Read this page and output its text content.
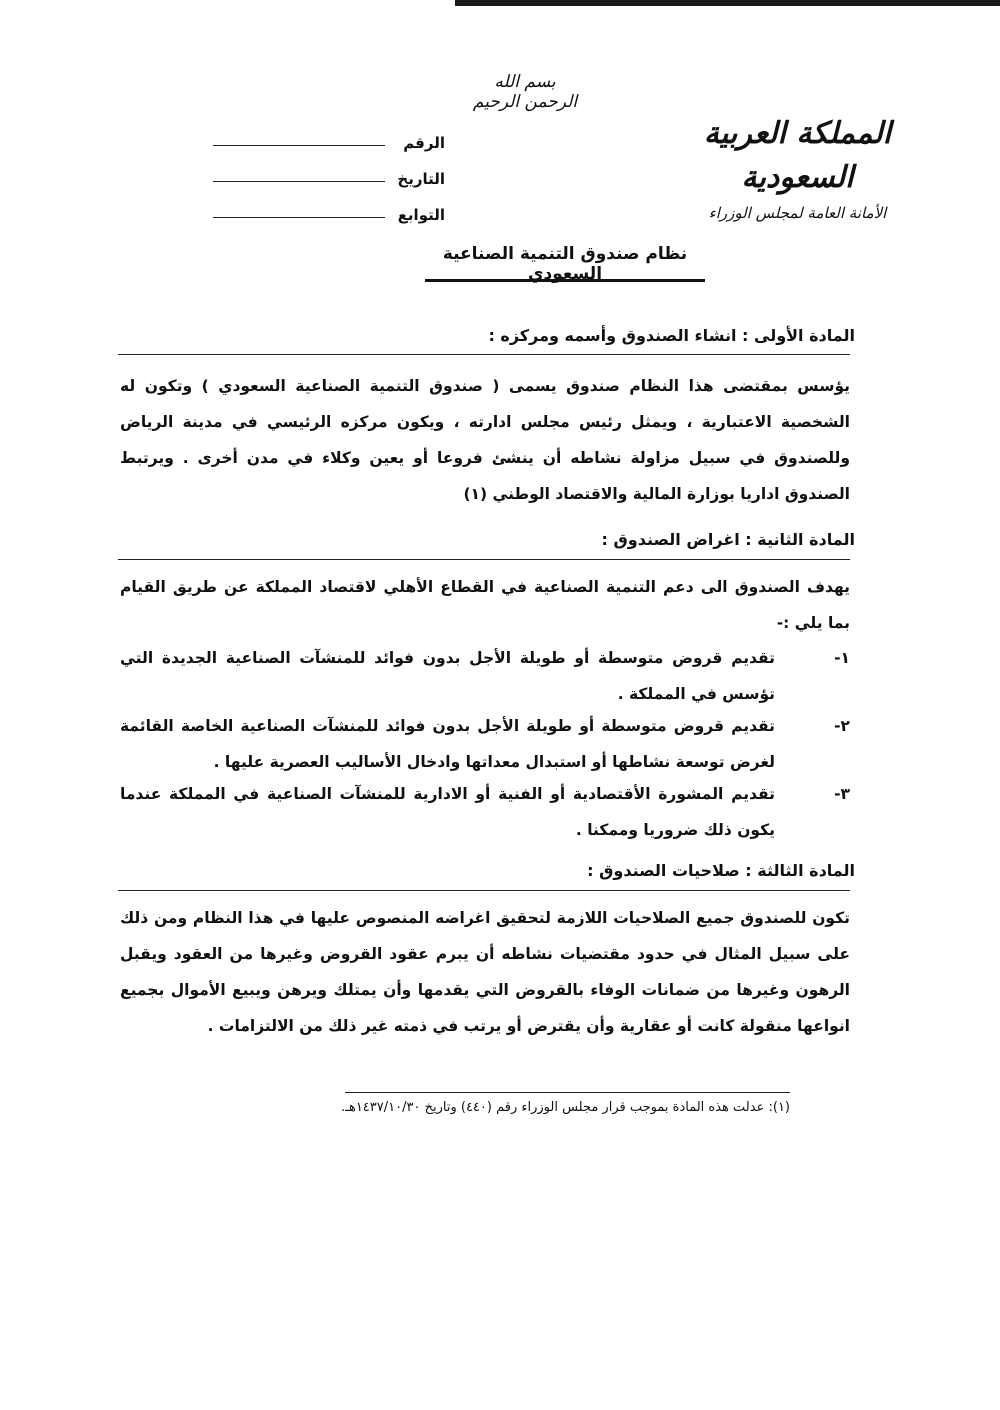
بسم الله الرحمن الرحيم
المملكة العربية السعودية
الأمانة العامة لمجلس الوزراء
الرقم
التاريخ
التوابع
نظام صندوق التنمية الصناعية السعودي
المادة الأولى : انشاء الصندوق وأسمه ومركزه :
يؤسس بمقتضى هذا النظام صندوق يسمى ( صندوق التنمية الصناعية السعودي ) وتكون له الشخصية الاعتبارية ، ويمثل رئيس مجلس ادارته ، ويكون مركزه الرئيسي في مدينة الرياض وللصندوق في سبيل مزاولة نشاطه أن ينشئ فروعا أو يعين وكلاء في مدن أخرى . ويرتبط الصندوق اداريا بوزارة المالية والاقتصاد الوطني (١)
المادة الثانية : اغراض الصندوق :
يهدف الصندوق الى دعم التنمية الصناعية في القطاع الأهلي لاقتصاد المملكة عن طريق القيام بما يلي :-
١-
تقديم قروض متوسطة أو طويلة الأجل بدون فوائد للمنشآت الصناعية الجديدة التي تؤسس في المملكة .
٢-
تقديم قروض متوسطة أو طويلة الأجل بدون فوائد للمنشآت الصناعية الخاصة القائمة لغرض توسعة نشاطها أو استبدال معداتها وادخال الأساليب العصرية عليها .
٣-
تقديم المشورة الأقتصادية أو الفنية أو الادارية للمنشآت الصناعية في المملكة عندما يكون ذلك ضروريا وممكنا .
المادة الثالثة : صلاحيات الصندوق :
تكون للصندوق جميع الصلاحيات اللازمة لتحقيق اغراضه المنصوص عليها في هذا النظام ومن ذلك على سبيل المثال في حدود مقتضيات نشاطه أن يبرم عقود القروض وغيرها من العقود ويقبل الرهون وغيرها من ضمانات الوفاء بالقروض التي يقدمها وأن يمتلك ويرهن ويبيع الأموال بجميع انواعها منقولة كانت أو عقارية وأن يقترض أو يرتب في ذمته غير ذلك من الالتزامات .
(١): عدلت هذه المادة بموجب قرار مجلس الوزراء رقم (٤٤٠) وتاريخ ١٤٣٧/١٠/٣٠هـ.
